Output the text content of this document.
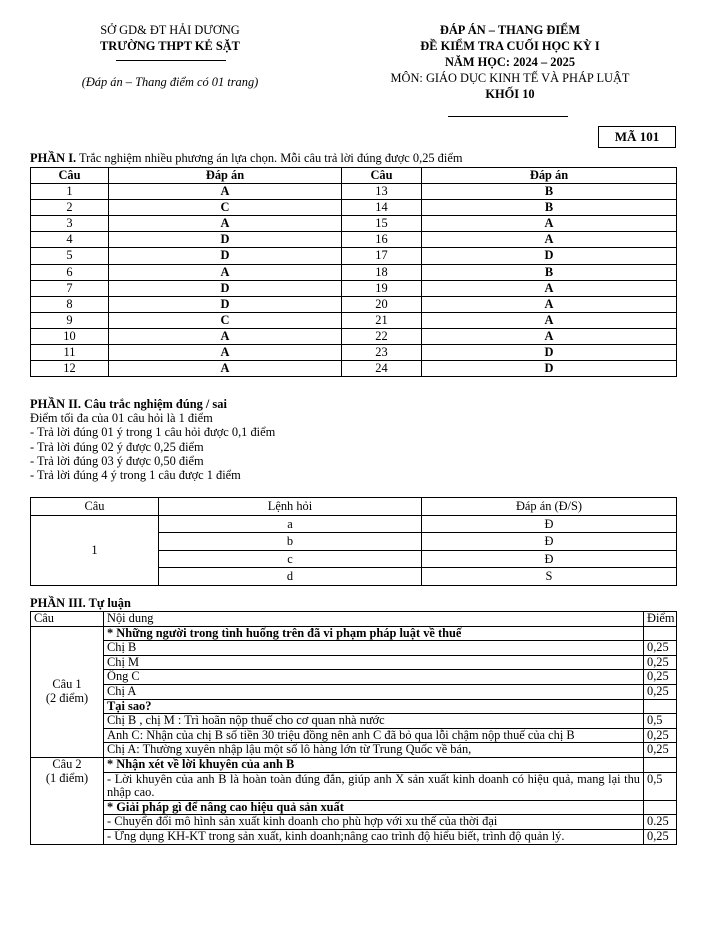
SỞ GD& ĐT HẢI DƯƠNG
TRƯỜNG THPT KẺ SẶT
(Đáp án – Thang điểm có 01 trang)
ĐÁP ÁN – THANG ĐIỂM
ĐỀ KIỂM TRA CUỐI HỌC KỲ I
NĂM HỌC: 2024 – 2025
MÔN: GIÁO DỤC KINH TẾ VÀ PHÁP LUẬT
KHỐI 10
MÃ 101
PHẦN I. Trắc nghiệm nhiều phương án lựa chọn. Mỗi câu trả lời đúng được 0,25 điểm
Câu	Đáp án	Câu	Đáp án
1	A	13	B
2	C	14	B
3	A	15	A
4	D	16	A
5	D	17	D
6	A	18	B
7	D	19	A
8	D	20	A
9	C	21	A
10	A	22	A
11	A	23	D
12	A	24	D
PHẦN II. Câu trắc nghiệm đúng / sai
Điểm tối đa của 01 câu hỏi là 1 điểm
- Trả lời đúng 01 ý trong 1 câu hỏi được 0,1 điểm
- Trả lời đúng 02 ý được 0,25 điểm
- Trả lời đúng 03 ý được 0,50 điểm
- Trả lời đúng 4 ý trong 1 câu được 1 điểm
Câu	Lệnh hỏi	Đáp án (Đ/S)
1	a	Đ
	b	Đ
	c	Đ
	d	S
PHẦN III. Tự luận
Câu	Nội dung	Điểm

Câu 1
(2 điểm)	* Những người trong tình huống trên đã vi phạm pháp luật về thuế	
	Chị B	0,25
	Chị M	0,25
	Ông C	0,25
	Chị A	0,25
	Tại sao?	
	Chị B , chị M : Trì hoãn nộp thuế cho cơ quan nhà nước	0,5
	Anh C: Nhận của chị B số tiền 30 triệu đồng nên anh C đã bỏ qua lỗi chậm nộp thuế của chị B	0,25
	Chị A: Thường xuyên nhập lậu một số lô hàng lớn từ Trung Quốc về bán,	0,25

Câu 2
(1 điểm)	* Nhận xét về lời khuyên của anh B	
	- Lời khuyên của anh B là hoàn toàn đúng đắn, giúp anh X sản xuất kinh doanh có hiệu quả, mang lại thu nhập cao.	0,5
	* Giải pháp gì để nâng cao hiệu quả sản xuất	
	- Chuyển đổi mô hình sản xuất kinh doanh cho phù hợp với xu thế của thời đại	0.25
	- Ứng dụng KH-KT trong sản xuất, kinh doanh;nâng cao trình độ hiểu biết, trình độ quản lý.	0,25
